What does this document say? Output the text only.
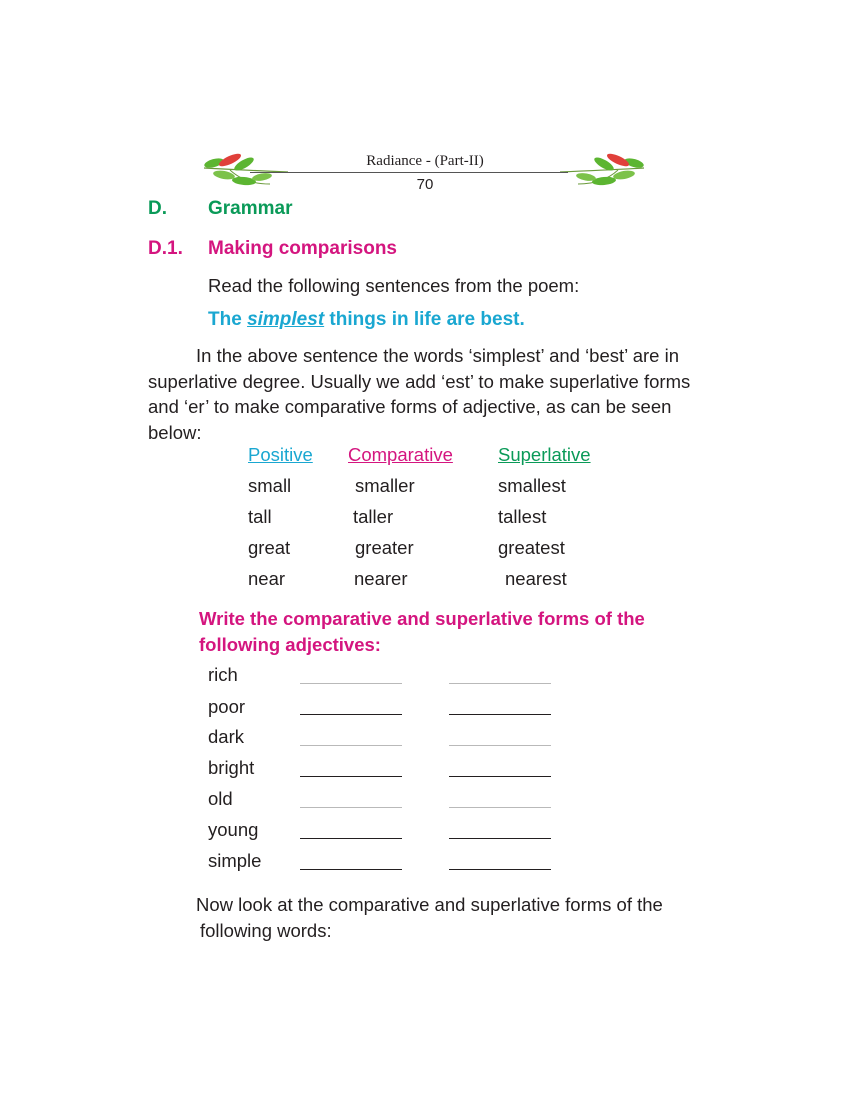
Radiance - (Part-II)
70
D. Grammar
D.1. Making comparisons
Read the following sentences from the poem:
The simplest things in life are best.
In the above sentence the words ‘simplest’ and ‘best’ are in
superlative degree. Usually we add ‘est’ to make superlative forms
and ‘er’ to make comparative forms of adjective, as can be seen
below:
Positive Comparative Superlative
small	smaller	smallest
tall	taller	tallest
great	greater	greatest
near	nearer	nearest
Write the comparative and superlative forms of the
following adjectives:
rich
poor
dark
bright
old
young
simple
Now look at the comparative and superlative forms of the
following words:
